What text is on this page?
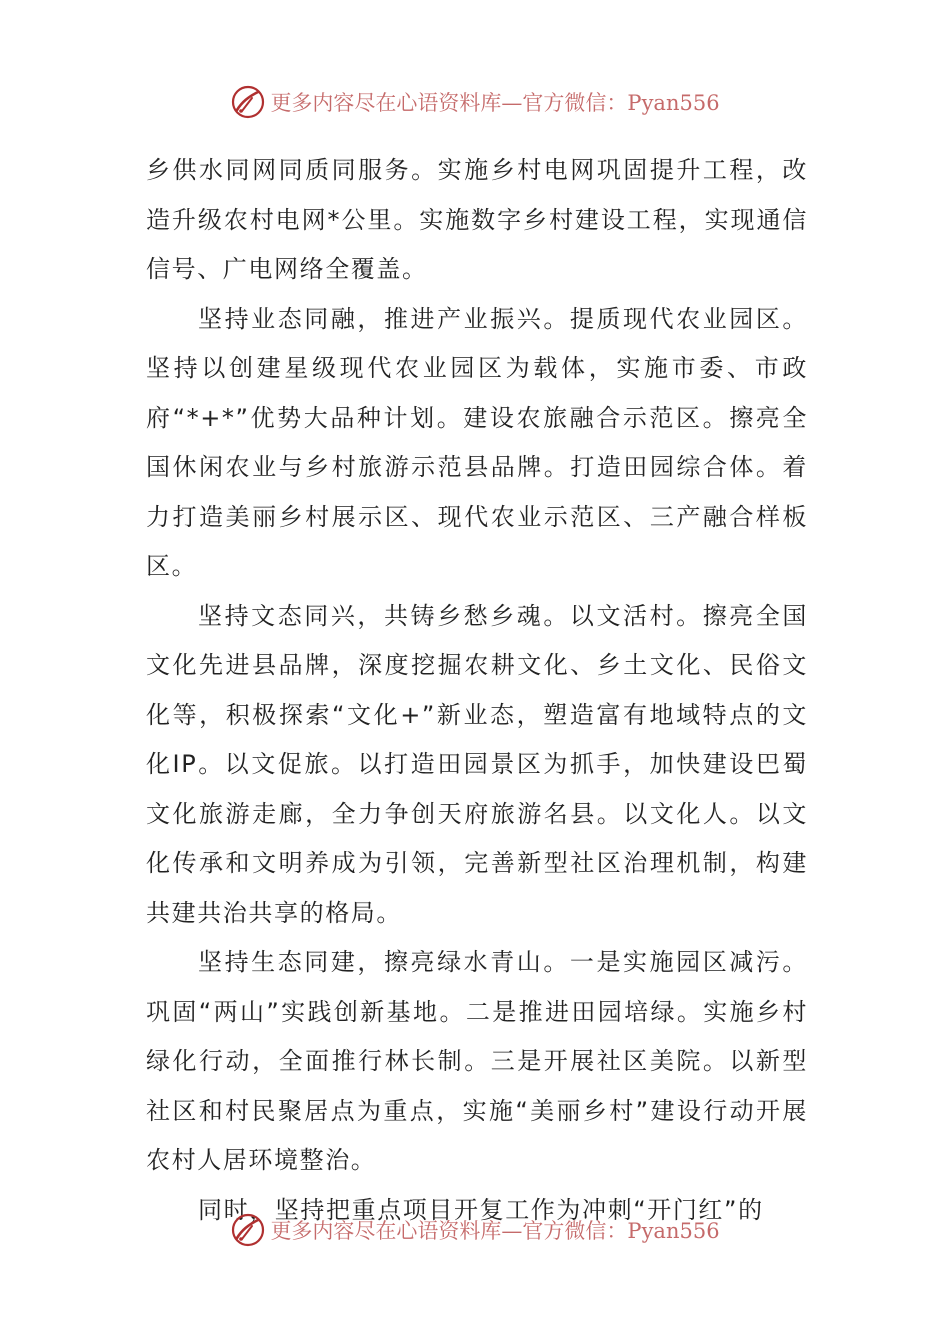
更多内容尽在心语资料库—官方微信：Pyan556

乡供水同网同质同服务。实施乡村电网巩固提升工程，改造升级农村电网*公里。实施数字乡村建设工程，实现通信信号、广电网络全覆盖。

坚持业态同融，推进产业振兴。提质现代农业园区。坚持以创建星级现代农业园区为载体，实施市委、市政府“*+*”优势大品种计划。建设农旅融合示范区。擦亮全国休闲农业与乡村旅游示范县品牌。打造田园综合体。着力打造美丽乡村展示区、现代农业示范区、三产融合样板区。

坚持文态同兴，共铸乡愁乡魂。以文活村。擦亮全国文化先进县品牌，深度挖掘农耕文化、乡土文化、民俗文化等，积极探索“文化+”新业态，塑造富有地域特点的文化IP。以文促旅。以打造田园景区为抓手，加快建设巴蜀文化旅游走廊，全力争创天府旅游名县。以文化人。以文化传承和文明养成为引领，完善新型社区治理机制，构建共建共治共享的格局。

坚持生态同建，擦亮绿水青山。一是实施园区减污。巩固“两山”实践创新基地。二是推进田园培绿。实施乡村绿化行动，全面推行林长制。三是开展社区美院。以新型社区和村民聚居点为重点，实施“美丽乡村”建设行动开展农村人居环境整治。

同时，坚持把重点项目开复工作为冲刺“开门红”的

更多内容尽在心语资料库—官方微信：Pyan556
